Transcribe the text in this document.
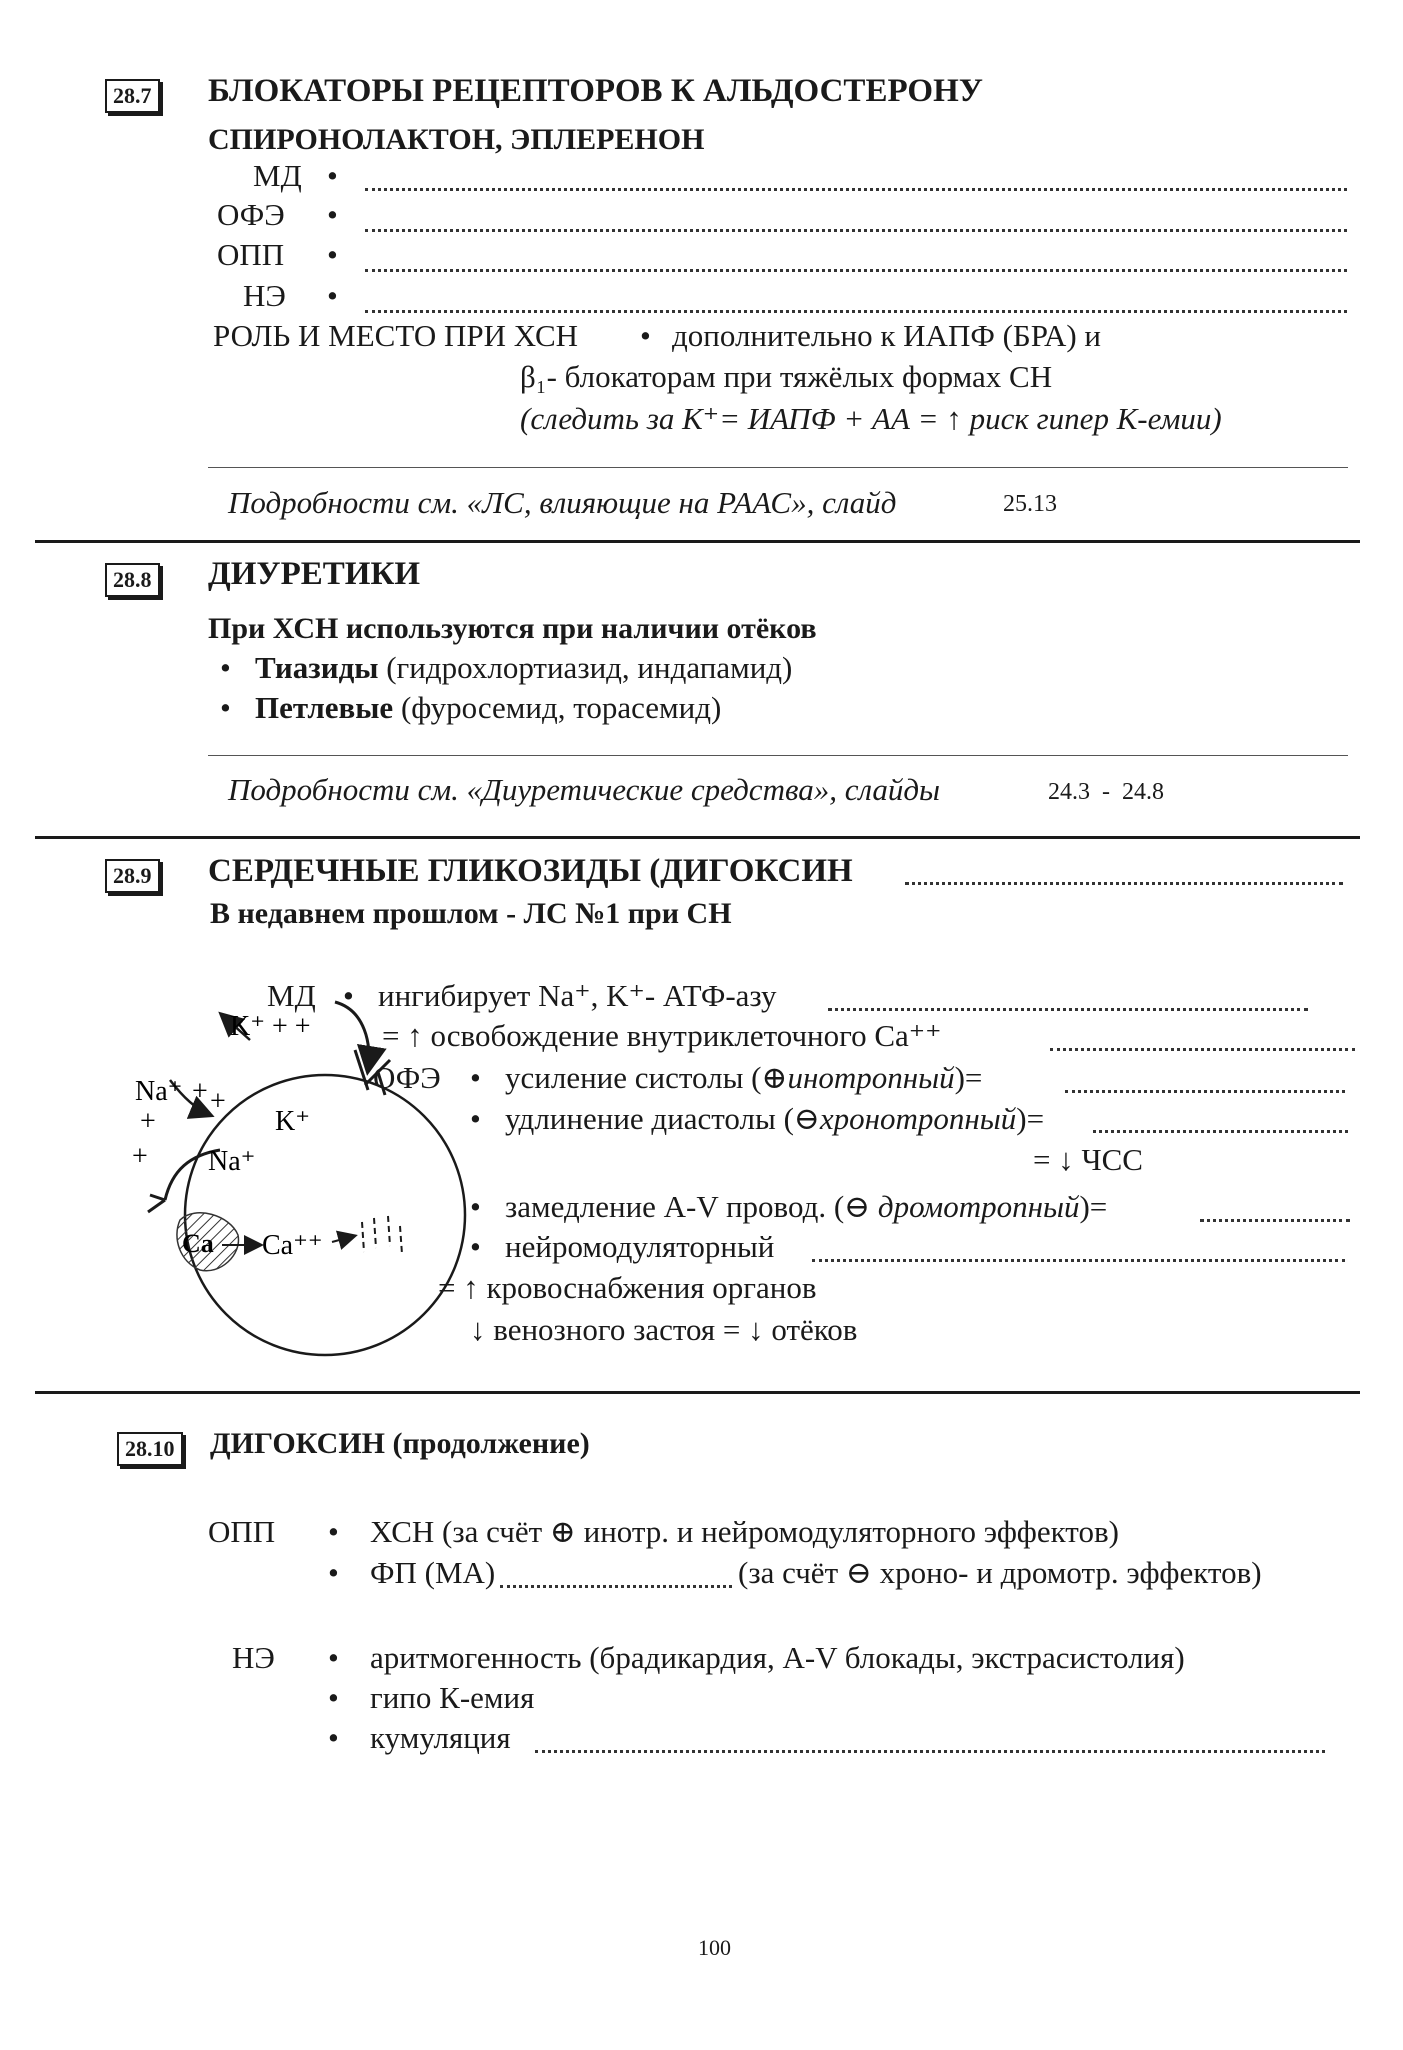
28.7 БЛОКАТОРЫ РЕЦЕПТОРОВ К АЛЬДОСТЕРОНУ
СПИРОНОЛАКТОН, ЭПЛЕРЕНОН
МД •
ОФЭ •
ОПП •
НЭ •
РОЛЬ И МЕСТО ПРИ ХСН • дополнительно к ИАПФ (БРА) и
β₁- блокаторам при тяжёлых формах СН
(следить за К⁺= ИАПФ + АА = ↑ риск гипер К-емии)
Подробности см. «ЛС, влияющие на РААС», слайд	25.13
28.8 ДИУРЕТИКИ
При ХСН используются при наличии отёков
• Тиазиды (гидрохлортиазид, индапамид)
• Петлевые (фуросемид, торасемид)
Подробности см. «Диуретические средства», слайды	24.3  -  24.8
28.9 СЕРДЕЧНЫЕ ГЛИКОЗИДЫ (ДИГОКСИН
В недавнем прошлом - ЛС №1 при СН
МД • ингибирует Na⁺, K⁺- АТФ-азу
= ↑ освобождение внутриклеточного Ca⁺⁺
ОФЭ • усиление систолы (⊕инотропный)=
• удлинение диастолы (⊖хронотропный)=
= ↓ ЧСС
• замедление A-V провод. (⊖ дромотропный)=
• нейромодуляторный
= ↑ кровоснабжения органов
↓ венозного застоя = ↓ отёков
K⁺ + +
Na⁺ + +
+
+
K⁺
Na⁺
Ca Ca⁺⁺
28.10 ДИГОКСИН (продолжение)
ОПП • ХСН (за счёт ⊕ инотр. и нейромодуляторного эффектов)
• ФП (МА)	(за счёт ⊖ хроно- и дромотр. эффектов)
НЭ • аритмогенность (брадикардия, A-V блокады, экстрасистолия)
• гипо К-емия
• кумуляция
100
